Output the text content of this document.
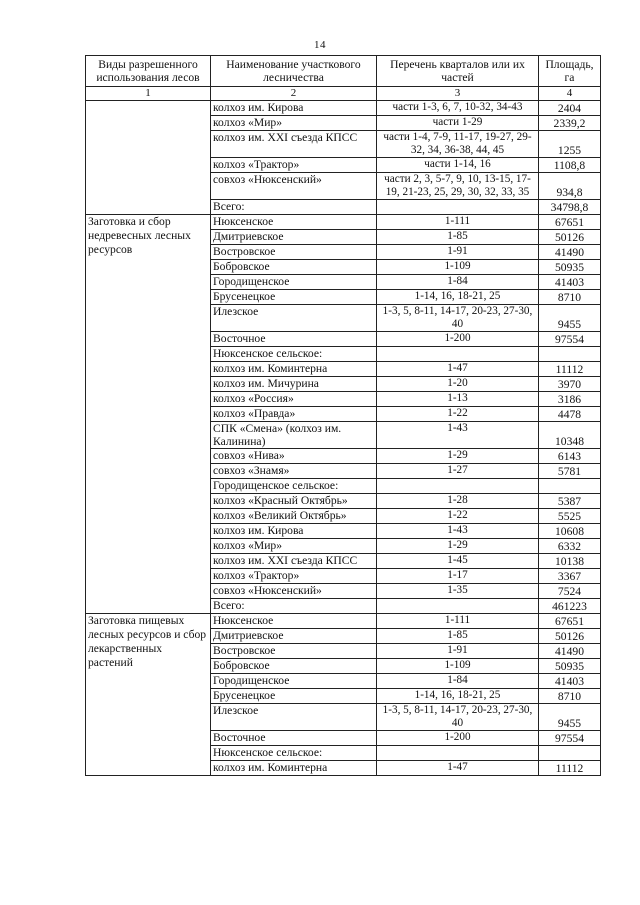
14
Виды разрешенного использования лесов	Наименование участкового лесничества	Перечень кварталов или их частей	Площадь, га
1	2	3	4
	колхоз им. Кирова	части 1-3, 6, 7, 10-32, 34-43	2404
	колхоз «Мир»	части 1-29	2339,2
	колхоз им. XXI съезда КПСС	части 1-4, 7-9, 11-17, 19-27, 29-32, 34, 36-38, 44, 45	1255
	колхоз «Трактор»	части 1-14, 16	1108,8
	совхоз «Нюксенский»	части 2, 3, 5-7, 9, 10, 13-15, 17-19, 21-23, 25, 29, 30, 32, 33, 35	934,8
	Всего:		34798,8
Заготовка и сбор недревесных лесных ресурсов	Нюксенское	1-111	67651
	Дмитриевское	1-85	50126
	Востровское	1-91	41490
	Бобровское	1-109	50935
	Городищенское	1-84	41403
	Брусенецкое	1-14, 16, 18-21, 25	8710
	Илезское	1-3, 5, 8-11, 14-17, 20-23, 27-30, 40	9455
	Восточное	1-200	97554
	Нюксенское сельское:		
	колхоз им. Коминтерна	1-47	11112
	колхоз им. Мичурина	1-20	3970
	колхоз «Россия»	1-13	3186
	колхоз «Правда»	1-22	4478
	СПК «Смена» (колхоз им. Калинина)	1-43	10348
	совхоз «Нива»	1-29	6143
	совхоз «Знамя»	1-27	5781
	Городищенское сельское:		
	колхоз «Красный Октябрь»	1-28	5387
	колхоз «Великий Октябрь»	1-22	5525
	колхоз им. Кирова	1-43	10608
	колхоз «Мир»	1-29	6332
	колхоз им. XXI съезда КПСС	1-45	10138
	колхоз «Трактор»	1-17	3367
	совхоз «Нюксенский»	1-35	7524
	Всего:		461223
Заготовка пищевых лесных ресурсов и сбор лекарственных растений	Нюксенское	1-111	67651
	Дмитриевское	1-85	50126
	Востровское	1-91	41490
	Бобровское	1-109	50935
	Городищенское	1-84	41403
	Брусенецкое	1-14, 16, 18-21, 25	8710
	Илезское	1-3, 5, 8-11, 14-17, 20-23, 27-30, 40	9455
	Восточное	1-200	97554
	Нюксенское сельское:		
	колхоз им. Коминтерна	1-47	11112
